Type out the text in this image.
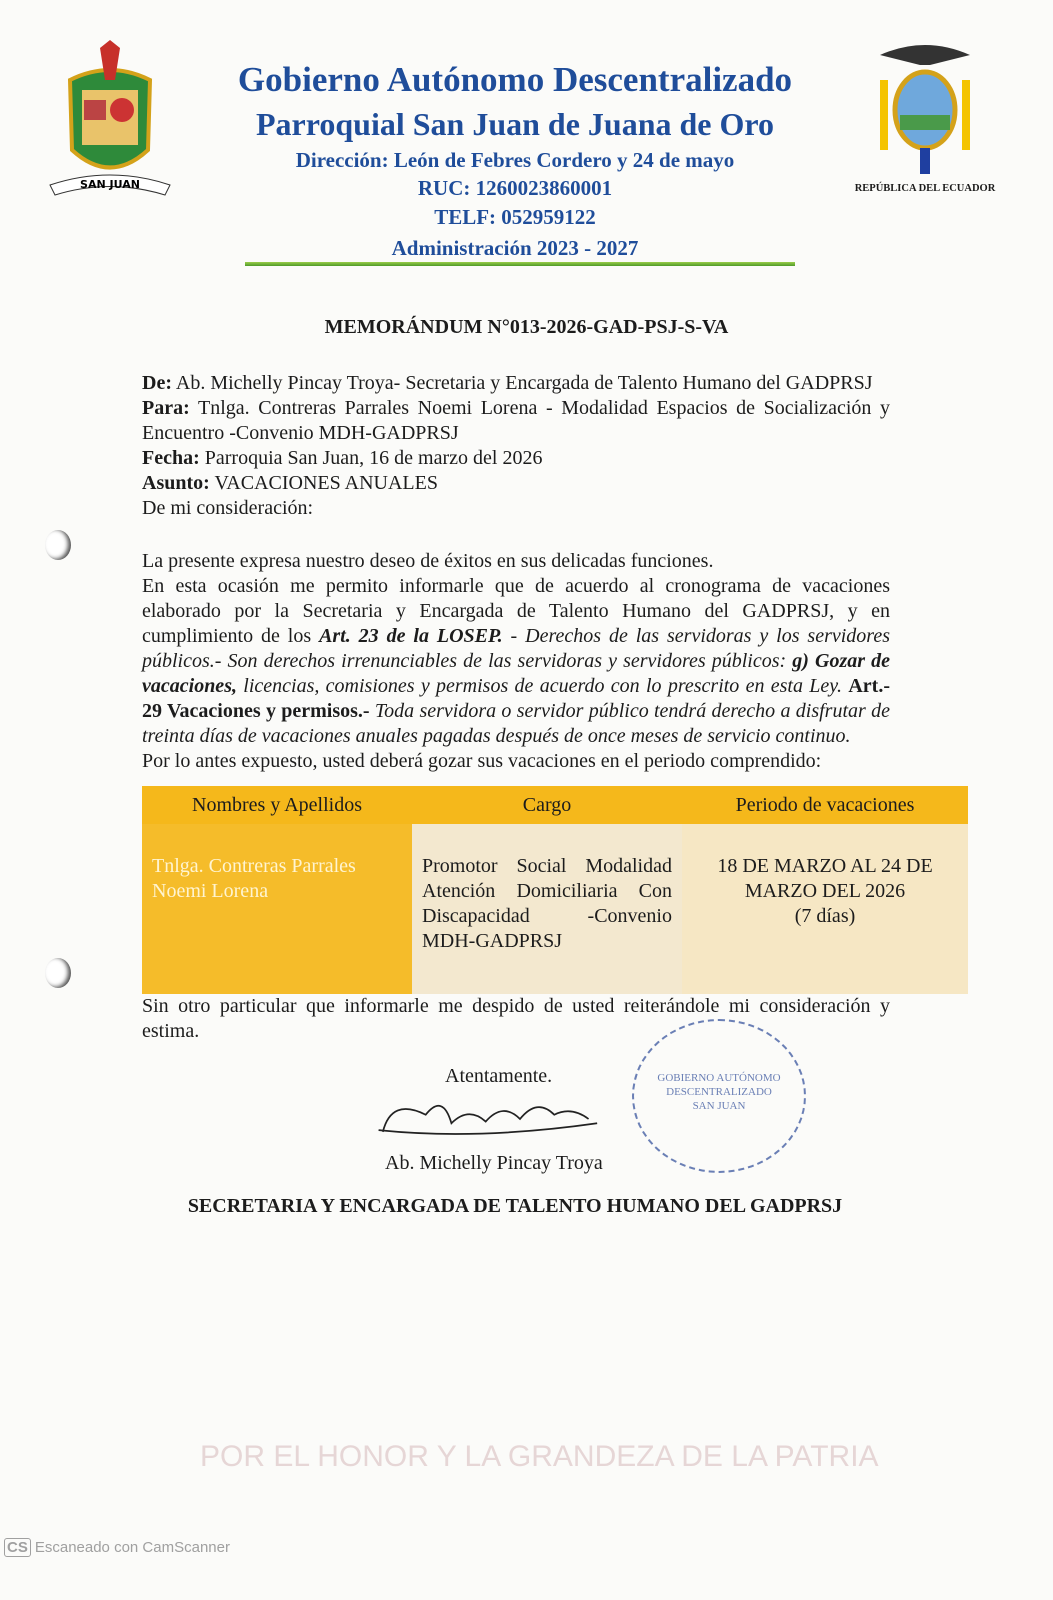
SAN JUAN	REPÚBLICA DEL ECUADOR
Gobierno Autónomo Descentralizado
Parroquial San Juan de Juana de Oro
Dirección: León de Febres Cordero y 24 de mayo
RUC: 1260023860001
TELF: 052959122
Administración 2023 - 2027
MEMORÁNDUM N°013-2026-GAD-PSJ-S-VA
POR EL HONOR Y LA GRANDEZA DE LA PATRIA
De: Ab. Michelly Pincay Troya- Secretaria y Encargada de Talento Humano del GADPRSJ
Para: Tnlga. Contreras Parrales Noemi Lorena - Modalidad Espacios de Socialización y Encuentro -Convenio MDH-GADPRSJ
Fecha: Parroquia San Juan, 16 de marzo del 2026
Asunto: VACACIONES ANUALES
De mi consideración:
La presente expresa nuestro deseo de éxitos en sus delicadas funciones.
En esta ocasión me permito informarle que de acuerdo al cronograma de vacaciones elaborado por la Secretaria y Encargada de Talento Humano del GADPRSJ, y en cumplimiento de los Art. 23 de la LOSEP. - Derechos de las servidoras y los servidores públicos.- Son derechos irrenunciables de las servidoras y servidores públicos: g) Gozar de vacaciones, licencias, comisiones y permisos de acuerdo con lo prescrito en esta Ley. Art.- 29 Vacaciones y permisos.- Toda servidora o servidor público tendrá derecho a disfrutar de treinta días de vacaciones anuales pagadas después de once meses de servicio continuo.
Por lo antes expuesto, usted deberá gozar sus vacaciones en el periodo comprendido:
Nombres y Apellidos	Cargo	Periodo de vacaciones
Tnlga. Contreras Parrales Noemi Lorena	Promotor Social Modalidad Atención Domiciliaria Con Discapacidad -Convenio MDH-GADPRSJ	18 DE MARZO AL 24 DE MARZO DEL 2026
(7 días)
Sin otro particular que informarle me despido de usted reiterándole mi consideración y estima.
Atentamente.	GOBIERNO AUTÓNOMO DESCENTRALIZADO SAN JUAN
Ab. Michelly Pincay Troya
SECRETARIA Y ENCARGADA DE TALENTO HUMANO DEL GADPRSJ
CS Escaneado con CamScanner
